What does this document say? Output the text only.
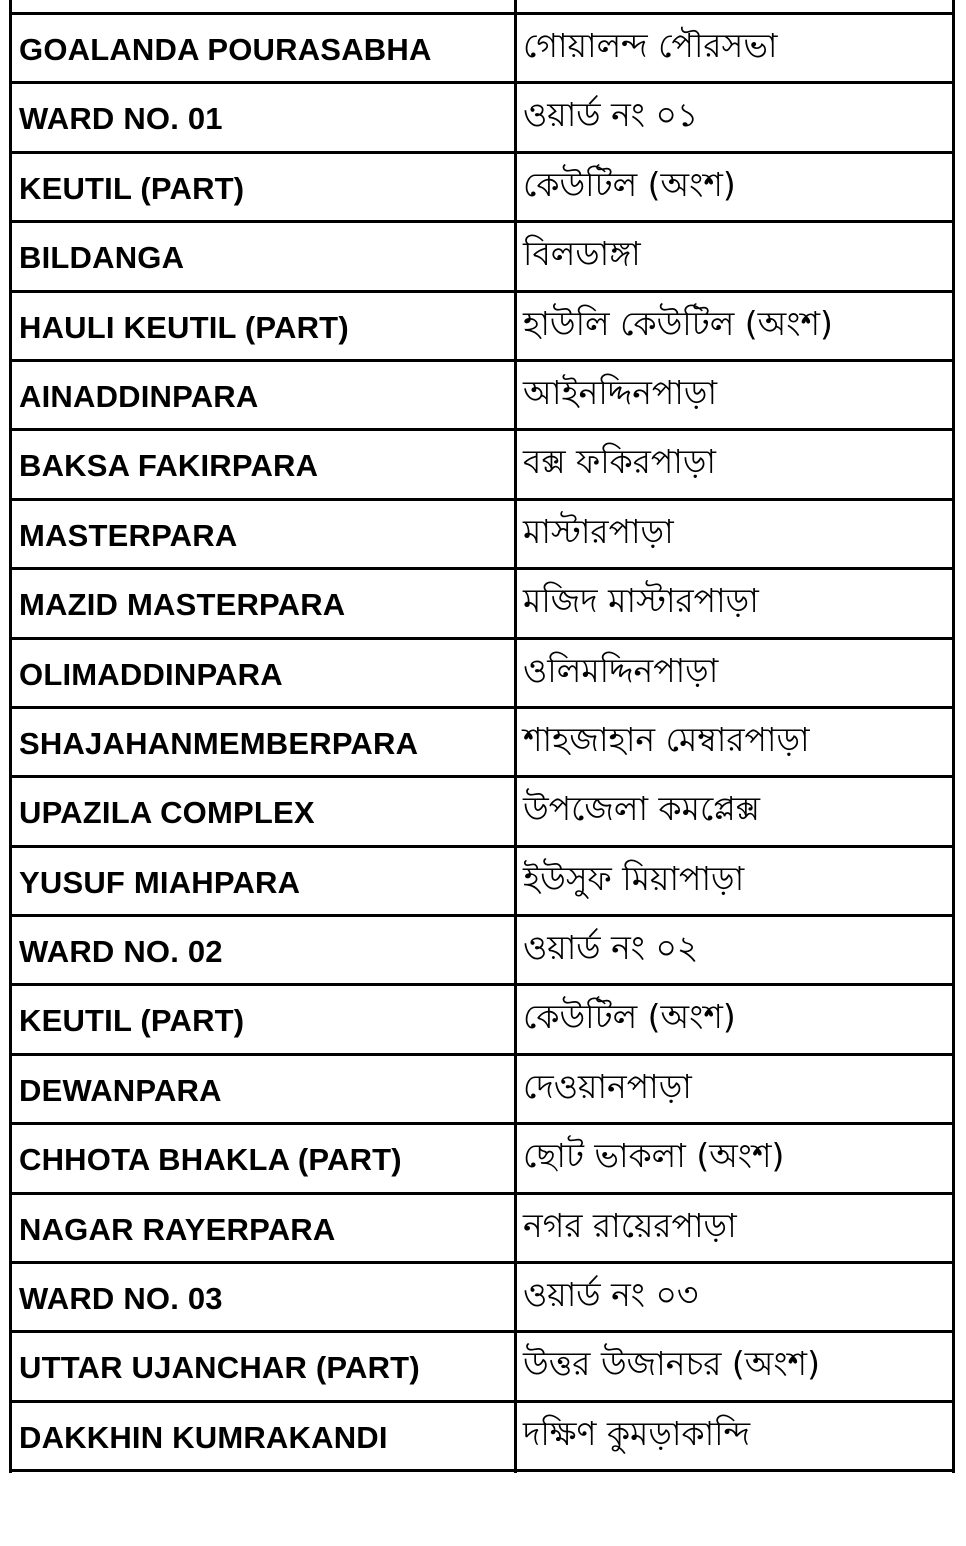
GOALANDA POURASABHA	গোয়ালন্দ পৌরসভা
WARD NO. 01	ওয়ার্ড নং ০১
KEUTIL (PART)	কেউটিল (অংশ)
BILDANGA	বিলডাঙ্গা
HAULI KEUTIL (PART)	হাউলি কেউটিল (অংশ)
AINADDINPARA	আইনদ্দিনপাড়া
BAKSA FAKIRPARA	বক্স ফকিরপাড়া
MASTERPARA	মাস্টারপাড়া
MAZID MASTERPARA	মজিদ মাস্টারপাড়া
OLIMADDINPARA	ওলিমদ্দিনপাড়া
SHAJAHANMEMBERPARA	শাহজাহান মেম্বারপাড়া
UPAZILA COMPLEX	উপজেলা কমপ্লেক্স
YUSUF MIAHPARA	ইউসুফ মিয়াপাড়া
WARD NO. 02	ওয়ার্ড নং ০২
KEUTIL (PART)	কেউটিল (অংশ)
DEWANPARA	দেওয়ানপাড়া
CHHOTA BHAKLA (PART)	ছোট ভাকলা (অংশ)
NAGAR RAYERPARA	নগর রায়েরপাড়া
WARD NO. 03	ওয়ার্ড নং ০৩
UTTAR UJANCHAR (PART)	উত্তর উজানচর (অংশ)
DAKKHIN KUMRAKANDI	দক্ষিণ কুমড়াকান্দি
